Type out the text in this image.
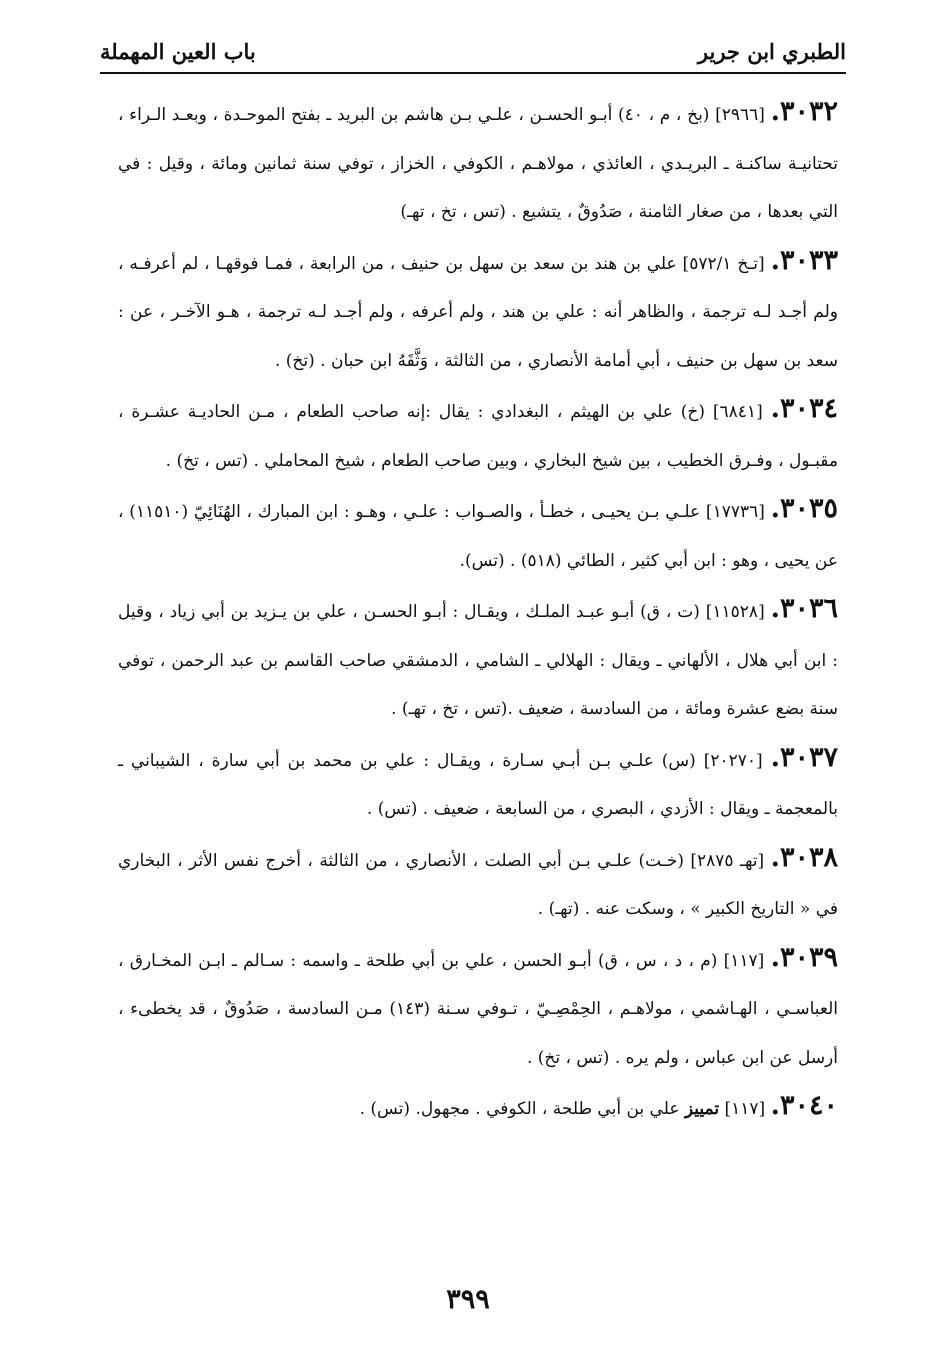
الطبري ابن جرير
باب العين المهملة

٣٠٣٢. [٢٩٦٦] (بخ ، م ، ٤٠) أبـو الحسـن ، علـي بـن هاشم بن البريد ـ بفتح الموحـدة ، وبعـد الـراء ، تحتانيـة ساكنـة ـ البريـدي ، العائذي ، مولاهـم ، الكوفي ، الخزاز ، توفي سنة ثمانين ومائة ، وقيل : في التي بعدها ، من صغار الثامنة ، صَدُوقٌ ، يتشيع . (تس ، تخ ، تهـ)

٣٠٣٣. [تـخ ٥٧٢/١] علي بن هند بن سعد بن سهل بن حنيف ، من الرابعة ، فمـا فوقهـا ، لم أعرفـه ، ولم أجـد لـه ترجمة ، والظاهر أنه : علي بن هند ، ولم أعرفه ، ولم أجـد لـه ترجمة ، هـو الآخـر ، عن : سعد بن سهل بن حنيف ، أبي أمامة الأنصاري ، من الثالثة ، وَثَّقَهُ ابن حبان . (تخ) .

٣٠٣٤. [٦٨٤١] (خ) علي بن الهيثم ، البغدادي : يقال :إنه صاحب الطعام ، مـن الحاديـة عشـرة ، مقبـول ، وفـرق الخطيب ، بين شيخ البخاري ، وبين صاحب الطعام ، شيخ المحاملي . (تس ، تخ) .

٣٠٣٥. [١٧٧٣٦] علـي بـن يحيـى ، خطـأ ، والصـواب : علـي ، وهـو : ابن المبارك ، الهُنَائِيّ (١١٥١٠) ، عن يحيى ، وهو : ابن أبي كثير ، الطائي (٥١٨) . (تس).

٣٠٣٦. [١١٥٢٨] (ت ، ق) أبـو عبـد الملـك ، ويقـال : أبـو الحسـن ، علي بن يـزيد بن أبي زياد ، وقيل : ابن أبي هلال ، الألهاني ـ ويقال : الهلالي ـ الشامي ، الدمشقي صاحب القاسم بن عبد الرحمن ، توفي سنة بضع عشرة ومائة ، من السادسة ، ضعيف .(تس ، تخ ، تهـ) .

٣٠٣٧. [٢٠٢٧٠] (س) علـي بـن أبـي سـارة ، ويقـال : علي بن محمد بن أبي سارة ، الشيباني ـ بالمعجمة ـ ويقال : الأزدي ، البصري ، من السابعة ، ضعيف . (تس) .

٣٠٣٨. [تهـ ٢٨٧٥] (خـت) علـي بـن أبي الصلت ، الأنصاري ، من الثالثة ، أخرج نفس الأثر ، البخاري في « التاريخ الكبير » ، وسكت عنه . (تهـ) .

٣٠٣٩. [١١٧] (م ، د ، س ، ق) أبـو الحسن ، علي بن أبي طلحة ـ واسمه : سـالم ـ ابـن المخـارق ، العباسـي ، الهـاشمي ، مولاهـم ، الحِمْصِـيّ ، تـوفي سـنة (١٤٣) مـن السادسة ، صَدُوقٌ ، قد يخطىء ، أرسل عن ابن عباس ، ولم يره . (تس ، تخ) .

٣٠٤٠. [١١٧] تمييز علي بن أبي طلحة ، الكوفي . مجهول. (تس) .

٣٩٩
